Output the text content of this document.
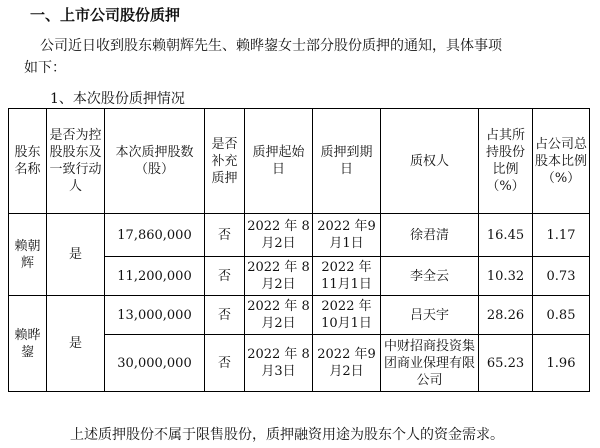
一、上市公司股份质押
公司近日收到股东赖朝辉先生、赖晔鋆女士部分股份质押的通知，具体事项
如下：
1、本次股份质押情况
股东名称	是否为控股股东及一致行动人	本次质押股数（股）	是否补充质押	质押起始日	质押到期日	质权人	占其所持股份比例（%）	占公司总股本比例（%）
赖朝辉	是	17,860,000	否	2022 年 8月2日	2022 年9 月1日	徐君清	16.45	1.17
		11,200,000	否	2022 年 8月2日	2022 年 11月1日	李全云	10.32	0.73
赖晔鋆	是	13,000,000	否	2022 年 8月2日	2022 年 10月1日	吕天宇	28.26	0.85
		30,000,000	否	2022 年 8月3日	2022 年9 月2日	中财招商投资集团商业保理有限公司	65.23	1.96
上述质押股份不属于限售股份，质押融资用途为股东个人的资金需求。
